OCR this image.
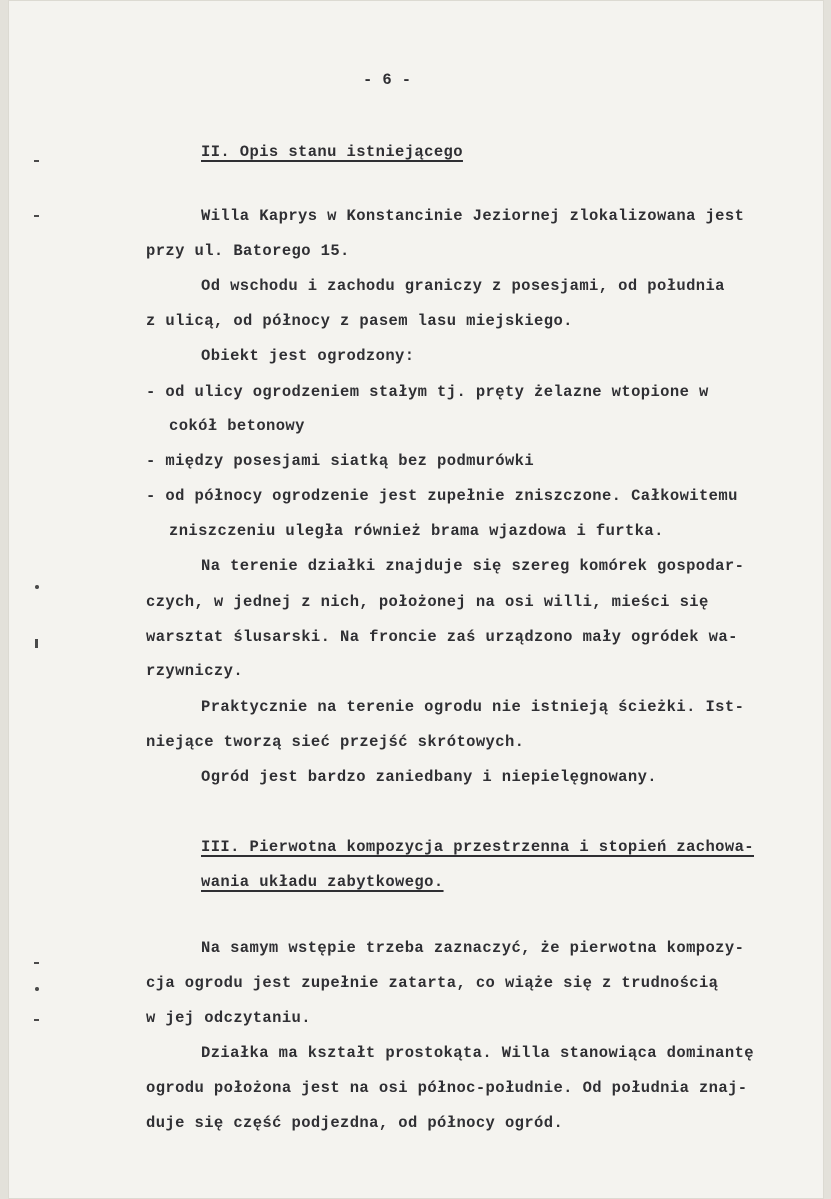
- 6 -
II. Opis stanu istniejącego
Willa Kaprys w Konstancinie Jeziornej zlokalizowana jest
przy ul. Batorego 15.
Od wschodu i zachodu graniczy z posesjami, od południa
z ulicą, od północy z pasem lasu miejskiego.
Obiekt jest ogrodzony:
- od ulicy ogrodzeniem stałym tj. pręty żelazne wtopione w
cokół betonowy
- między posesjami siatką bez podmurówki
- od północy ogrodzenie jest zupełnie zniszczone. Całkowitemu
zniszczeniu uległa również brama wjazdowa i furtka.
Na terenie działki znajduje się szereg komórek gospodar-
czych, w jednej z nich, położonej na osi willi, mieści się
warsztat ślusarski. Na froncie zaś urządzono mały ogródek wa-
rzywniczy.
Praktycznie na terenie ogrodu nie istnieją ścieżki. Ist-
niejące tworzą sieć przejść skrótowych.
Ogród jest bardzo zaniedbany i niepielęgnowany.
III. Pierwotna kompozycja przestrzenna i stopień zachowa-
wania układu zabytkowego.
Na samym wstępie trzeba zaznaczyć, że pierwotna kompozy-
cja ogrodu jest zupełnie zatarta, co wiąże się z trudnością
w jej odczytaniu.
Działka ma kształt prostokąta. Willa stanowiąca dominantę
ogrodu położona jest na osi północ-południe. Od południa znaj-
duje się część podjezdna, od północy ogród.
